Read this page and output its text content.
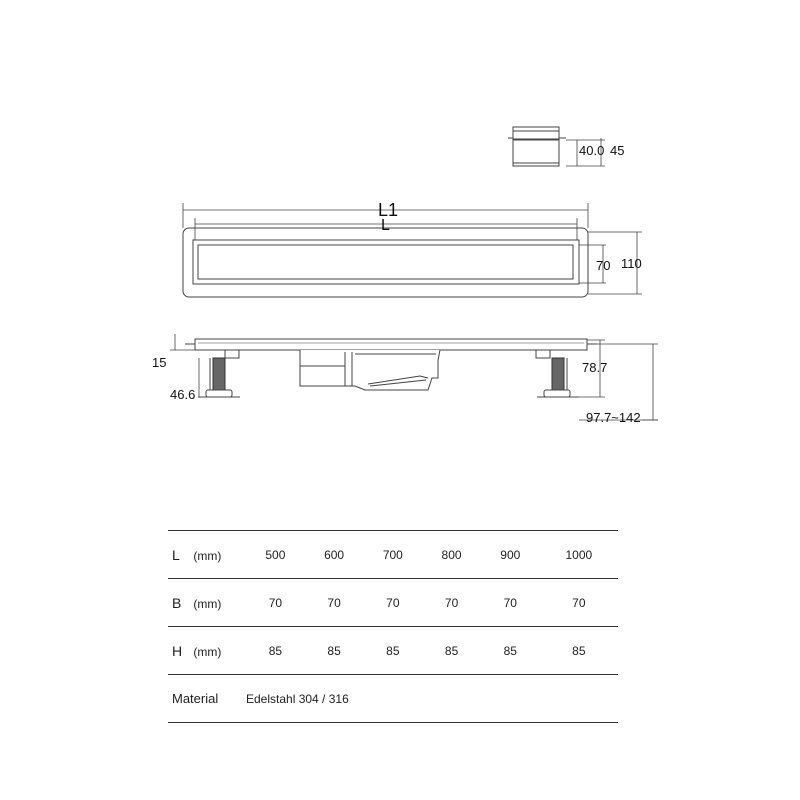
40.0 45
L1
L
70 110
15
46.6
78.7
97.7~142
L (mm)	500	600	700	800	900	1000
B (mm)	70	70	70	70	70	70
H (mm)	85	85	85	85	85	85
Material	Edelstahl 304 / 316					
